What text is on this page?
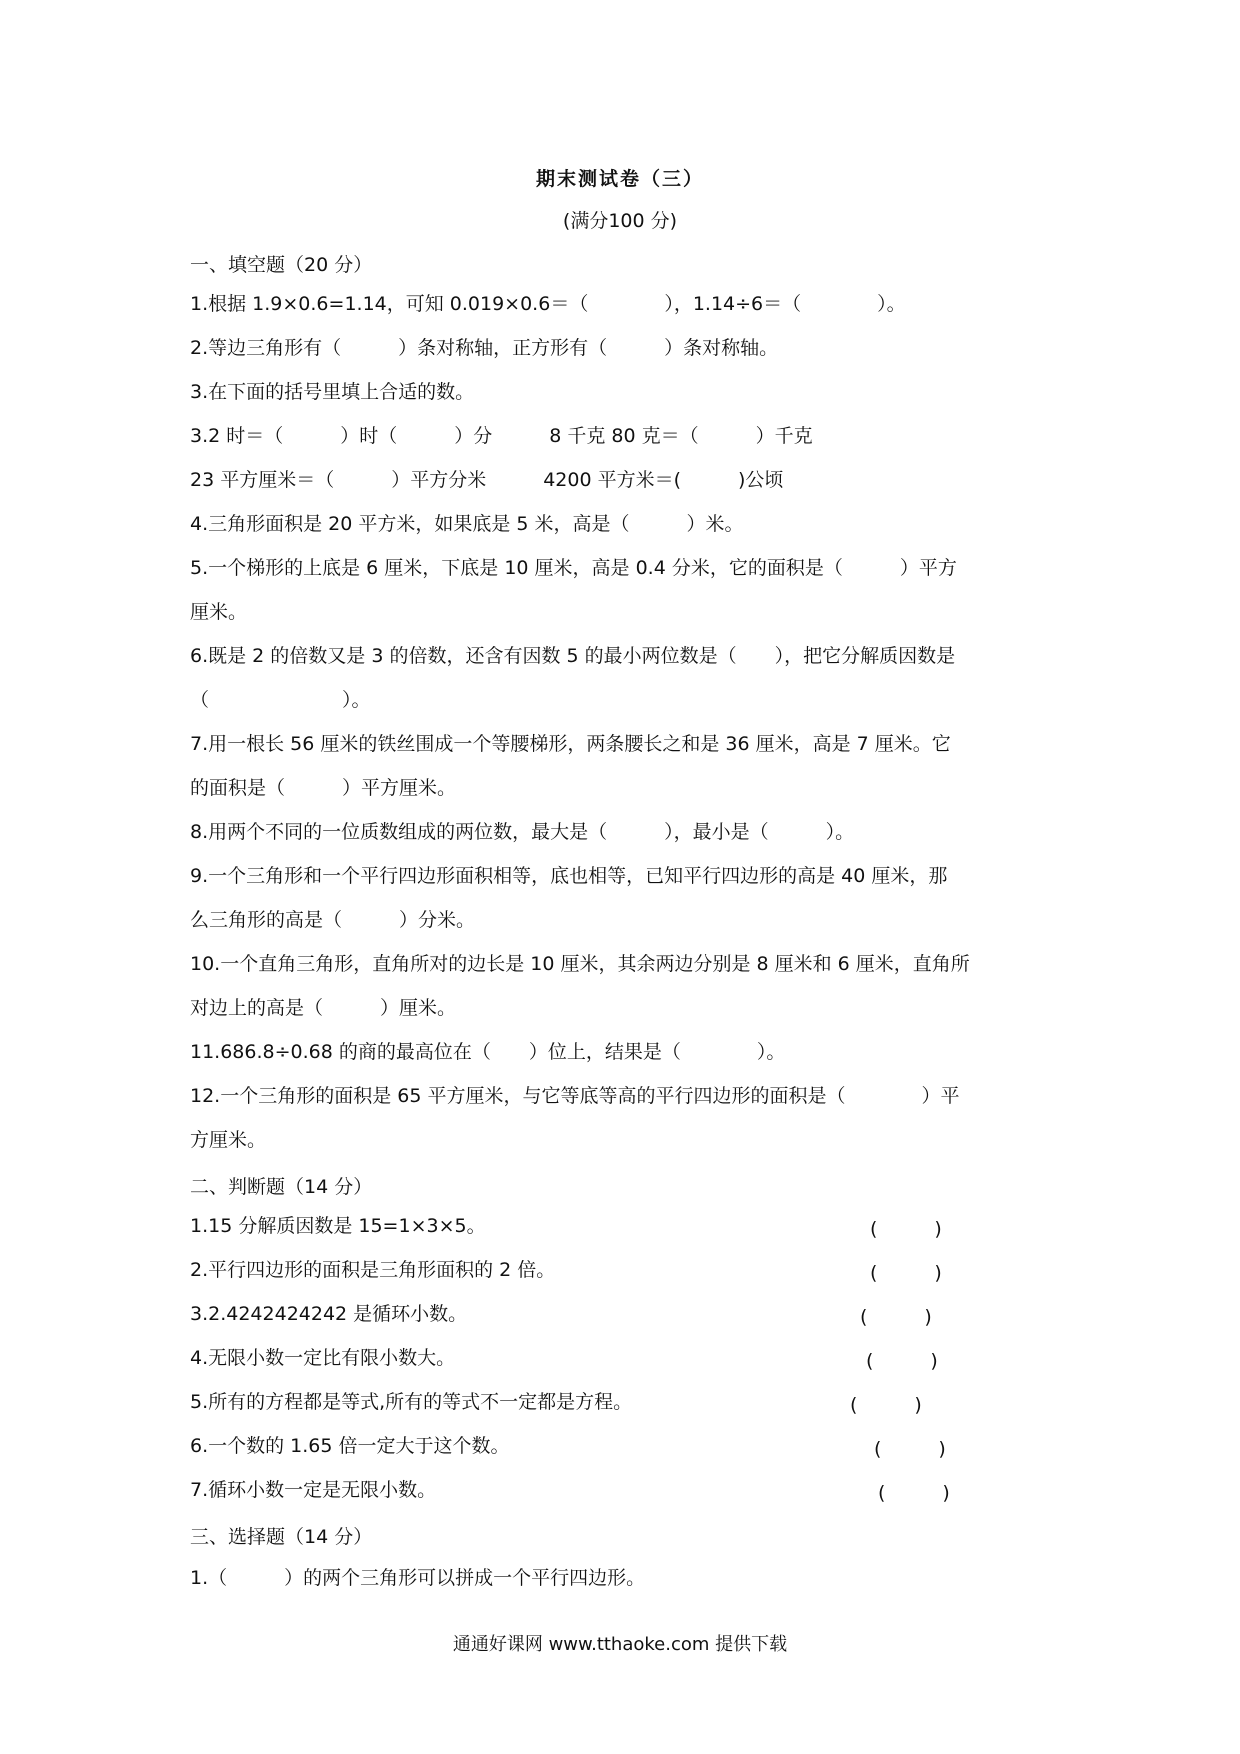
期末测试卷（三）
(满分100 分)
一、填空题（20 分）
1.根据 1.9×0.6=1.14，可知 0.019×0.6＝（　　　　），1.14÷6＝（　　　　）。
2.等边三角形有（　　　）条对称轴，正方形有（　　　）条对称轴。
3.在下面的括号里填上合适的数。
3.2 时＝（　　　）时（　　　）分　　　8 千克 80 克＝（　　　）千克
23 平方厘米＝（　　　）平方分米　　　4200 平方米＝(　　　)公顷
4.三角形面积是 20 平方米，如果底是 5 米，高是（　　　）米。
5.一个梯形的上底是 6 厘米，下底是 10 厘米，高是 0.4 分米，它的面积是（　　　）平方
厘米。
6.既是 2 的倍数又是 3 的倍数，还含有因数 5 的最小两位数是（　　），把它分解质因数是
（　　　　　　　）。
7.用一根长 56 厘米的铁丝围成一个等腰梯形，两条腰长之和是 36 厘米，高是 7 厘米。它
的面积是（　　　）平方厘米。
8.用两个不同的一位质数组成的两位数，最大是（　　　），最小是（　　　）。
9.一个三角形和一个平行四边形面积相等，底也相等，已知平行四边形的高是 40 厘米，那
么三角形的高是（　　　）分米。
10.一个直角三角形，直角所对的边长是 10 厘米，其余两边分别是 8 厘米和 6 厘米，直角所
对边上的高是（　　　）厘米。
11.686.8÷0.68 的商的最高位在（　　）位上，结果是（　　　　）。
12.一个三角形的面积是 65 平方厘米，与它等底等高的平行四边形的面积是（　　　　）平
方厘米。
二、判断题（14 分）
1.15 分解质因数是 15=1×3×5。	(　　　)
2.平行四边形的面积是三角形面积的 2 倍。	(　　　)
3.2.4242424242 是循环小数。	(　　　)
4.无限小数一定比有限小数大。	(　　　)
5.所有的方程都是等式,所有的等式不一定都是方程。	(　　　)
6.一个数的 1.65 倍一定大于这个数。	(　　　)
7.循环小数一定是无限小数。	(　　　)
三、选择题（14 分）
1.（　　　）的两个三角形可以拼成一个平行四边形。
通通好课网 www.tthaoke.com 提供下载
